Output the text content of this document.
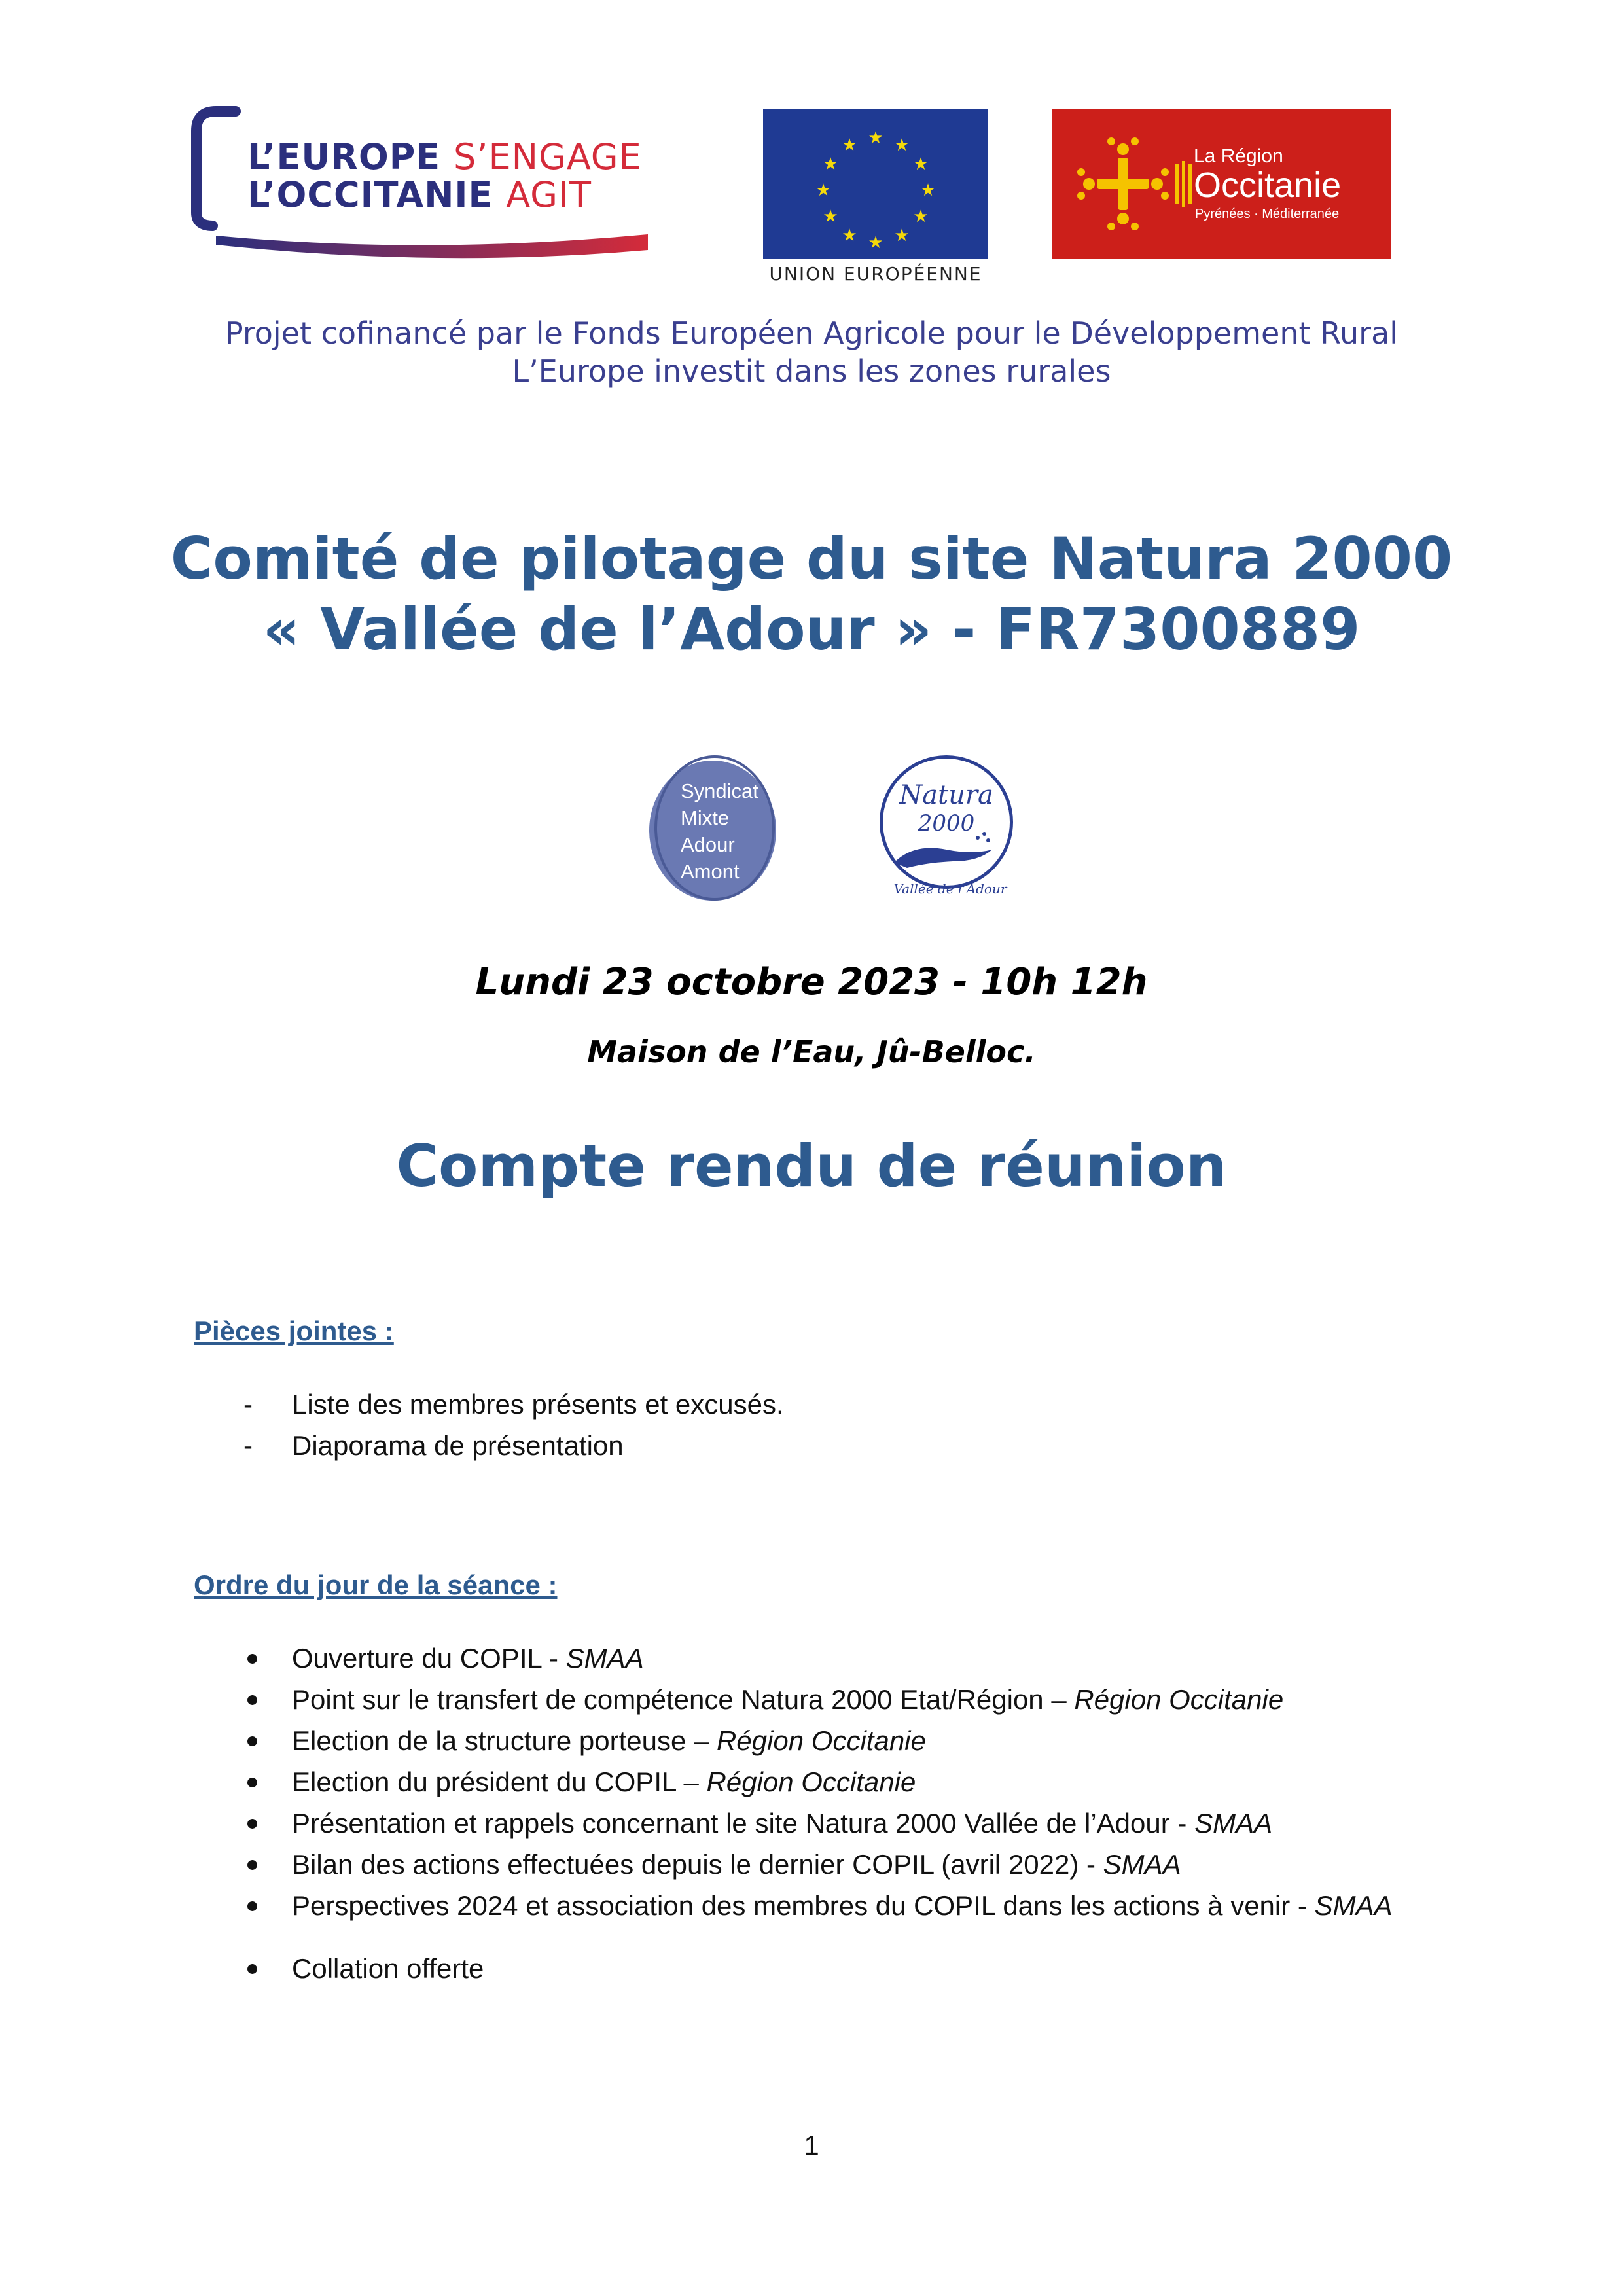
L’EUROPE S’ENGAGE
L’OCCITANIE AGIT
★ ★
★
★
★
★
★
★
★
★
★
★
UNION EUROPÉENNE
La Région
Occitanie
Pyrénées · Méditerranée
Projet cofinancé par le Fonds Européen Agricole pour le Développement Rural
L’Europe investit dans les zones rurales
Comité de pilotage du site Natura 2000
« Vallée de l’Adour » - FR7300889
Syndicat
Mixte
Adour
Amont
Natura
2000
Vallée de l’Adour
Lundi 23 octobre 2023 - 10h 12h
Maison de l’Eau, Jû-Belloc.
Compte rendu de réunion
Pièces jointes :
- Liste des membres présents et excusés.
- Diaporama de présentation
Ordre du jour de la séance :
Ouverture du COPIL - SMAA
Point sur le transfert de compétence Natura 2000 Etat/Région – Région Occitanie
Election de la structure porteuse – Région Occitanie
Election du président du COPIL – Région Occitanie
Présentation et rappels concernant le site Natura 2000 Vallée de l’Adour - SMAA
Bilan des actions effectuées depuis le dernier COPIL (avril 2022) - SMAA
Perspectives 2024 et association des membres du COPIL dans les actions à venir - SMAA
Collation offerte
1
